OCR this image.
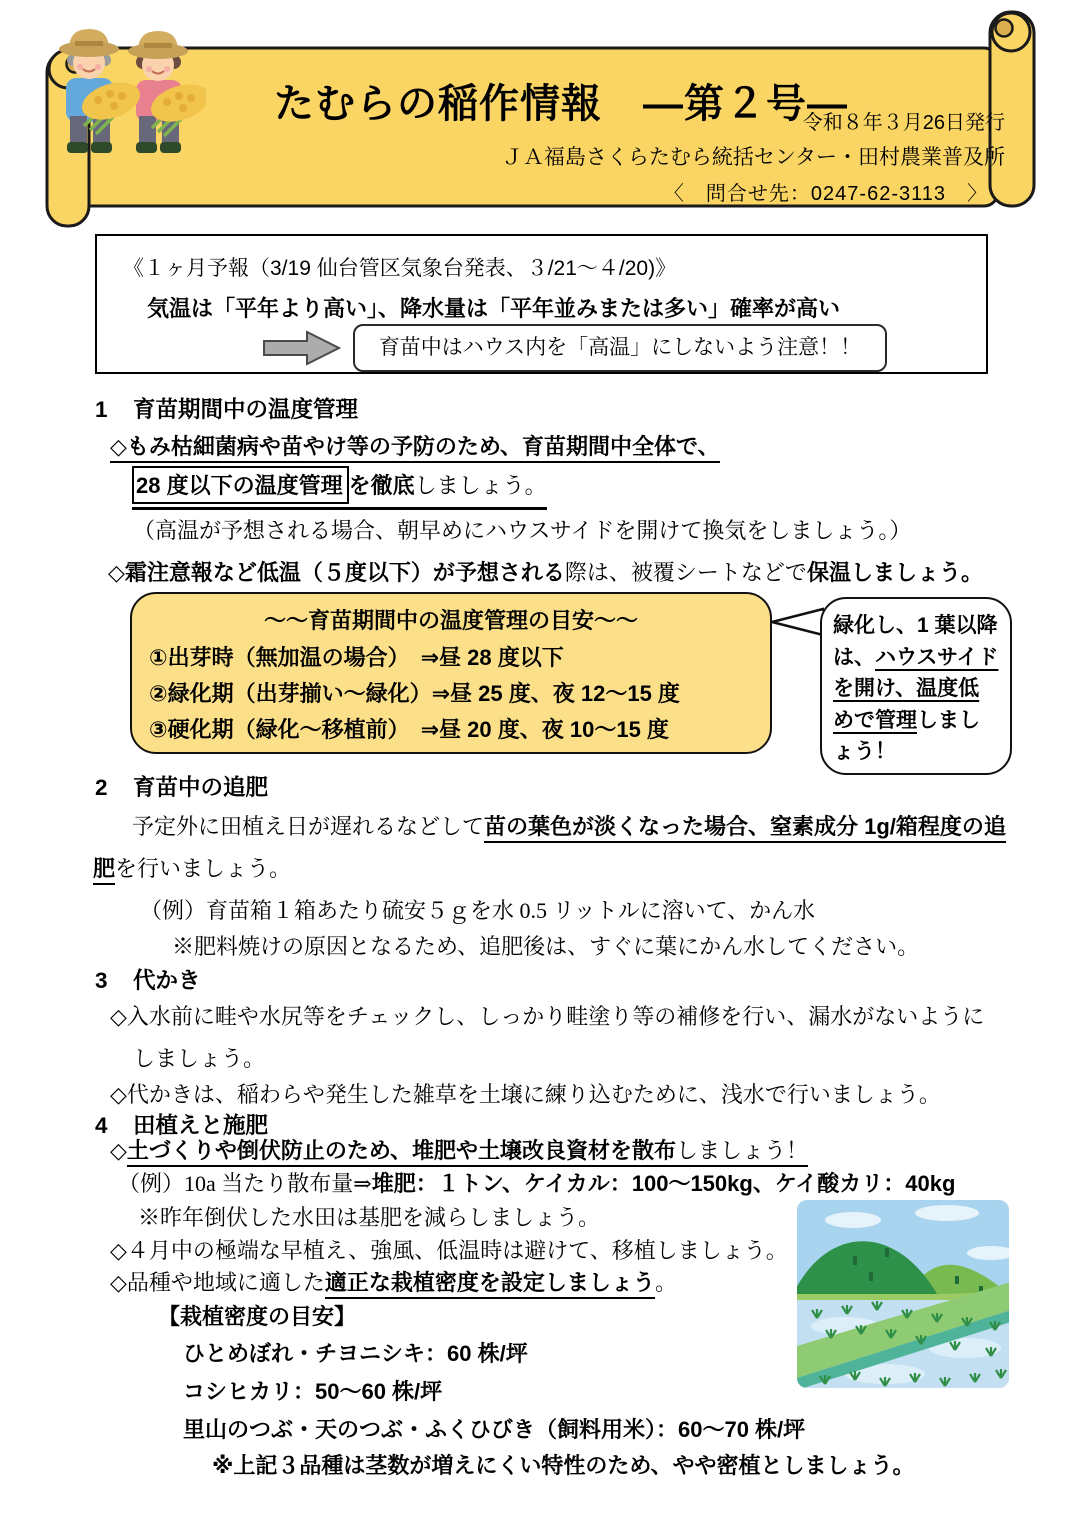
たむらの稲作情報　―第２号―
令和８年３月26日発行
ＪＡ福島さくらたむら統括センター・田村農業普及所
〈　問合せ先：0247-62-3113　〉
《１ヶ月予報（3/19 仙台管区気象台発表、３/21～４/20)》
気温は「平年より高い」、降水量は「平年並みまたは多い」確率が高い
育苗中はハウス内を「高温」にしないよう注意！！
1 育苗期間中の温度管理
◇もみ枯細菌病や苗やけ等の予防のため、育苗期間中全体で、
28 度以下の温度管理 を徹底しましょう。
（高温が予想される場合、朝早めにハウスサイドを開けて換気をしましょう。）
◇霜注意報など低温（５度以下）が予想される際は、被覆シートなどで保温しましょう。
～～育苗期間中の温度管理の目安～～
①出芽時（無加温の場合）　⇒昼 28 度以下
②緑化期（出芽揃い～緑化）⇒昼 25 度、夜 12～15 度
③硬化期（緑化～移植前）　⇒昼 20 度、夜 10～15 度
緑化し、1 葉以降は、ハウスサイドを開け、温度低めで管理しましょう！
2 育苗中の追肥
予定外に田植え日が遅れるなどして苗の葉色が淡くなった場合、窒素成分 1g/箱程度の追
肥を行いましょう。
（例）育苗箱１箱あたり硫安５ｇを水 0.5 リットルに溶いて、かん水
※肥料焼けの原因となるため、追肥後は、すぐに葉にかん水してください。
3 代かき
◇入水前に畦や水尻等をチェックし、しっかり畦塗り等の補修を行い、漏水がないように
しましょう。
◇代かきは、稲わらや発生した雑草を土壌に練り込むために、浅水で行いましょう。
4 田植えと施肥
◇土づくりや倒伏防止のため、堆肥や土壌改良資材を散布しましょう！
（例）10a 当たり散布量⇒堆肥：１トン、ケイカル：100～150kg、ケイ酸カリ：40kg
※昨年倒伏した水田は基肥を減らしましょう。
◇４月中の極端な早植え、強風、低温時は避けて、移植しましょう。
◇品種や地域に適した適正な栽植密度を設定しましょう。
【栽植密度の目安】
ひとめぼれ・チヨニシキ：60 株/坪
コシヒカリ：50～60 株/坪
里山のつぶ・天のつぶ・ふくひびき（飼料用米）：60～70 株/坪
※上記３品種は茎数が増えにくい特性のため、やや密植としましょう。
